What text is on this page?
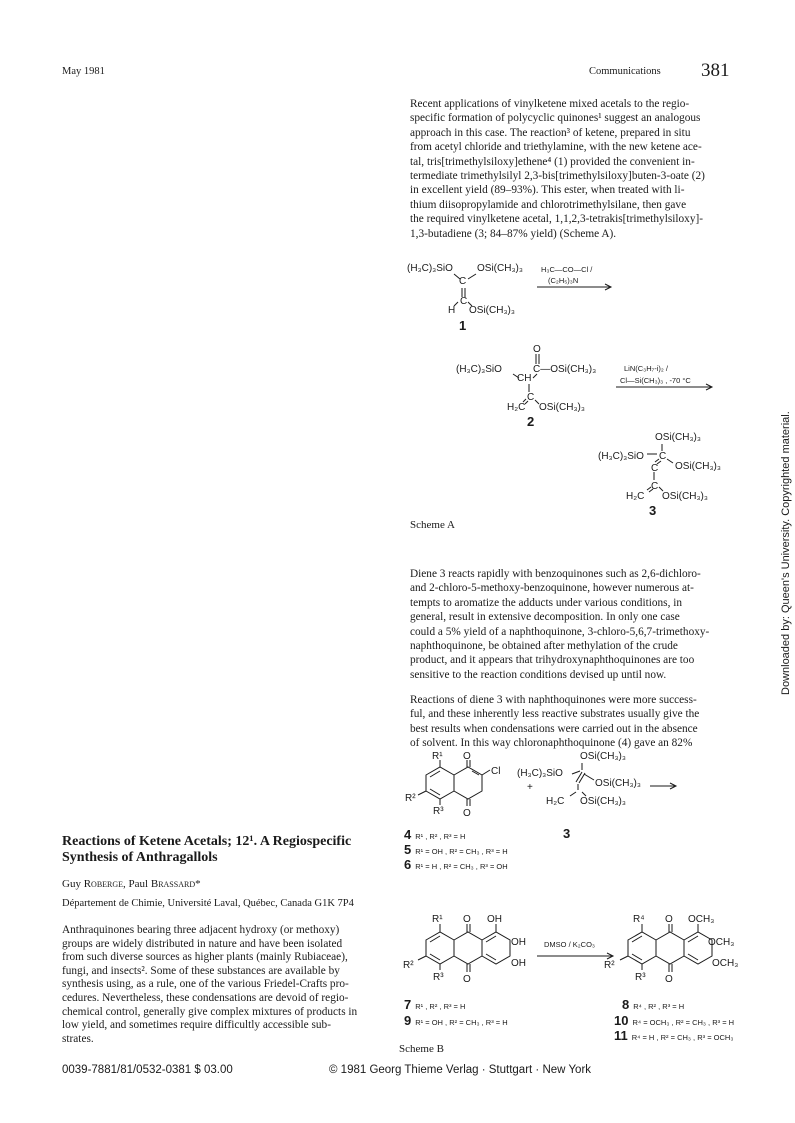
May 1981	Communications 381
Recent applications of vinylketene mixed acetals to the regio-
specific formation of polycyclic quinones¹ suggest an analogous
approach in this case. The reaction³ of ketene, prepared in situ
from acetyl chloride and triethylamine, with the new ketene ace-
tal, tris[trimethylsiloxy]ethene⁴ (1) provided the convenient in-
termediate trimethylsilyl 2,3-bis[trimethylsiloxy]buten-3-oate (2)
in excellent yield (89–93%). This ester, when treated with li-
thium diisopropylamide and chlorotrimethylsilane, then gave
the required vinylketene acetal, 1,1,2,3-tetrakis[trimethylsiloxy]-
1,3-butadiene (3; 84–87% yield) (Scheme A).
(H₃C)₃SiO OSi(CH₃)₃
C
C
H OSi(CH₃)₃
1
H₃C—CO—Cl /
(C₂H₅)₃N
O
(H₃C)₃SiO	C—OSi(CH₃)₃
CH
C
H₂C OSi(CH₃)₃
2
LiN(C₃H₇-i)₂ /
Cl—Si(CH₃)₃ , -70 °C
OSi(CH₃)₃
(H₃C)₃SiO C
OSi(CH₃)₃
C
C
H₂C OSi(CH₃)₃
3
Scheme A
Diene 3 reacts rapidly with benzoquinones such as 2,6-dichloro-
and 2-chloro-5-methoxy-benzoquinone, however numerous at-
tempts to aromatize the adducts under various conditions, in
general, result in extensive decomposition. In only one case
could a 5% yield of a naphthoquinone, 3-chloro-5,6,7-trimethoxy-
naphthoquinone, be obtained after methylation of the crude
product, and it appears that trihydroxynaphthoquinones are too
sensitive to the reaction conditions devised up until now.
Reactions of diene 3 with naphthoquinones were more success-
ful, and these inherently less reactive substrates usually give the
best results when condensations were carried out in the absence
of solvent. In this way chloronaphthoquinone (4) gave an 82%
Downloaded by: Queen's University. Copyrighted material.
Reactions of Ketene Acetals; 12¹. A Regiospecific
Synthesis of Anthragallols
Guy Roberge, Paul Brassard*
Département de Chimie, Université Laval, Québec, Canada G1K 7P4
Anthraquinones bearing three adjacent hydroxy (or methoxy)
groups are widely distributed in nature and have been isolated
from such diverse sources as higher plants (mainly Rubiaceae),
fungi, and insects². Some of these substances are available by
synthesis using, as a rule, one of the various Friedel-Crafts pro-
cedures. Nevertheless, these condensations are devoid of regio-
chemical control, generally give complex mixtures of products in
low yield, and sometimes require difficultly accessible sub-
strates.
R¹ O
Cl
R²
R³ O
+
OSi(CH₃)₃
(H₃C)₃SiO
OSi(CH₃)₃
H₂C OSi(CH₃)₃
4 R¹ , R² , R³ = H	3
5 R¹ = OH , R² = CH₃ , R³ = H
6 R¹ = H , R² = CH₃ , R³ = OH
R¹ O OH
OH
OH
R²
R³ O
DMSO / K₂CO₃
R⁴ O OCH₃
OCH₃
OCH₃
R²
R³ O
7 R¹ , R² , R³ = H
9 R¹ = OH , R² = CH₃ , R³ = H
8 R⁴ , R² , R³ = H
10 R⁴ = OCH₃ , R² = CH₃ , R³ = H
11 R⁴ = H , R² = CH₃ , R³ = OCH₃
Scheme B
0039-7881/81/0532-0381 $ 03.00	© 1981 Georg Thieme Verlag · Stuttgart · New York
